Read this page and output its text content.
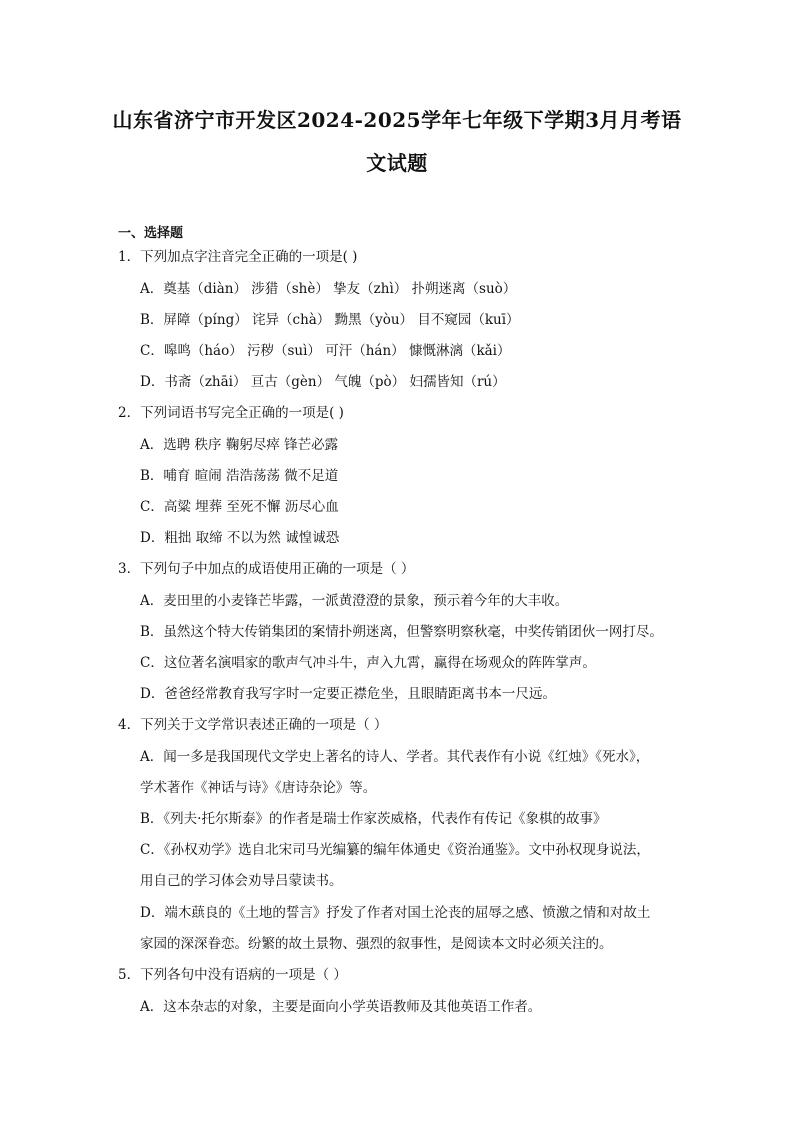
山东省济宁市开发区2024-2025学年七年级下学期3月月考语
文试题
一、选择题
1．下列加点字注音完全正确的一项是( )
A．奠基（diàn） 涉猎（shè） 挚友（zhì） 扑朔迷离（suò）
B．屏障（píng） 诧异（chà） 黝黑（yòu） 目不窥园（kuī）
C．嗥鸣（háo） 污秽（suì） 可汗（hán） 慷慨淋漓（kǎi）
D．书斋（zhāi） 亘古（gèn） 气魄（pò） 妇孺皆知（rú）
2．下列词语书写完全正确的一项是( )
A．选聘 秩序 鞠躬尽瘁 锋芒必露
B．哺育 暄闹 浩浩荡荡 微不足道
C．高粱 埋葬 至死不懈 沥尽心血
D．粗拙 取缔 不以为然 诚惶诚恐
3．下列句子中加点的成语使用正确的一项是（ ）
A．麦田里的小麦锋芒毕露，一派黄澄澄的景象，预示着今年的大丰收。
B．虽然这个特大传销集团的案情扑朔迷离，但警察明察秋毫，中奖传销团伙一网打尽。
C．这位著名演唱家的歌声气冲斗牛，声入九霄，赢得在场观众的阵阵掌声。
D．爸爸经常教育我写字时一定要正襟危坐，且眼睛距离书本一尺远。
4．下列关于文学常识表述正确的一项是（ ）
A．闻一多是我国现代文学史上著名的诗人、学者。其代表作有小说《红烛》《死水》，
学术著作《神话与诗》《唐诗杂论》等。
B．《列夫·托尔斯泰》的作者是瑞士作家茨威格，代表作有传记《象棋的故事》
C．《孙权劝学》选自北宋司马光编纂的编年体通史《资治通鉴》。文中孙权现身说法，
用自己的学习体会劝导吕蒙读书。
D．端木蕻良的《土地的誓言》抒发了作者对国土沦丧的屈辱之感、愤激之情和对故土
家园的深深眷恋。纷繁的故土景物、强烈的叙事性，是阅读本文时必须关注的。
5．下列各句中没有语病的一项是（ ）
A．这本杂志的对象，主要是面向小学英语教师及其他英语工作者。
